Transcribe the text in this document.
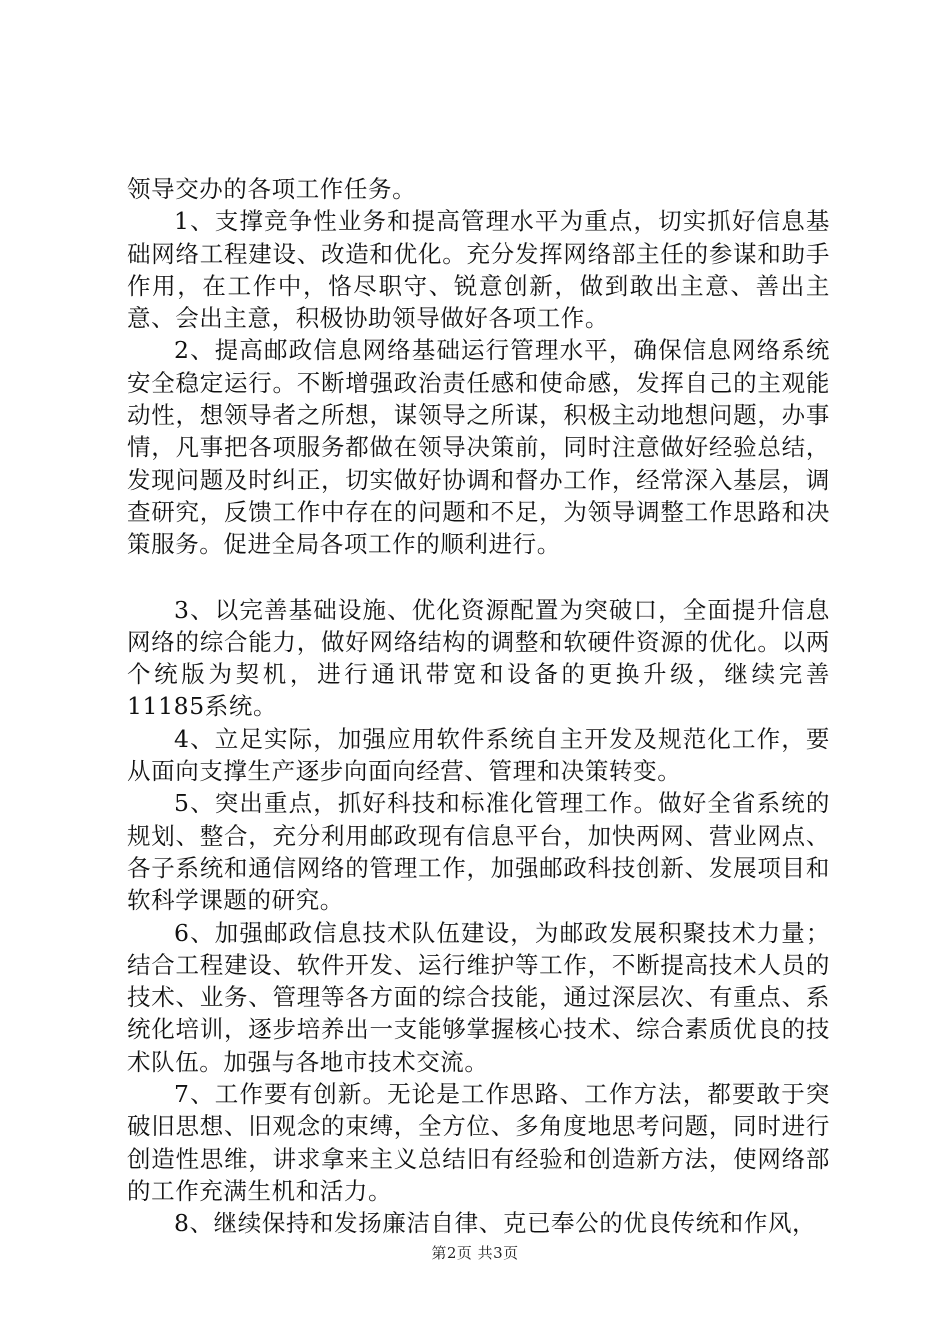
领导交办的各项工作任务。

1、支撑竞争性业务和提高管理水平为重点，切实抓好信息基础网络工程建设、改造和优化。充分发挥网络部主任的参谋和助手作用，在工作中，恪尽职守、锐意创新，做到敢出主意、善出主意、会出主意，积极协助领导做好各项工作。

2、提高邮政信息网络基础运行管理水平，确保信息网络系统安全稳定运行。不断增强政治责任感和使命感，发挥自己的主观能动性，想领导者之所想，谋领导之所谋，积极主动地想问题，办事情，凡事把各项服务都做在领导决策前，同时注意做好经验总结，发现问题及时纠正，切实做好协调和督办工作，经常深入基层，调查研究，反馈工作中存在的问题和不足，为领导调整工作思路和决策服务。促进全局各项工作的顺利进行。

3、以完善基础设施、优化资源配置为突破口，全面提升信息网络的综合能力，做好网络结构的调整和软硬件资源的优化。以两个统版为契机，进行通讯带宽和设备的更换升级，继续完善11185系统。

4、立足实际，加强应用软件系统自主开发及规范化工作，要从面向支撑生产逐步向面向经营、管理和决策转变。

5、突出重点，抓好科技和标准化管理工作。做好全省系统的规划、整合，充分利用邮政现有信息平台，加快两网、营业网点、各子系统和通信网络的管理工作，加强邮政科技创新、发展项目和软科学课题的研究。

6、加强邮政信息技术队伍建设，为邮政发展积聚技术力量；结合工程建设、软件开发、运行维护等工作，不断提高技术人员的技术、业务、管理等各方面的综合技能，通过深层次、有重点、系统化培训，逐步培养出一支能够掌握核心技术、综合素质优良的技术队伍。加强与各地市技术交流。

7、工作要有创新。无论是工作思路、工作方法，都要敢于突破旧思想、旧观念的束缚，全方位、多角度地思考问题，同时进行创造性思维，讲求拿来主义总结旧有经验和创造新方法，使网络部的工作充满生机和活力。

8、继续保持和发扬廉洁自律、克已奉公的优良传统和作风，

第2页 共3页
